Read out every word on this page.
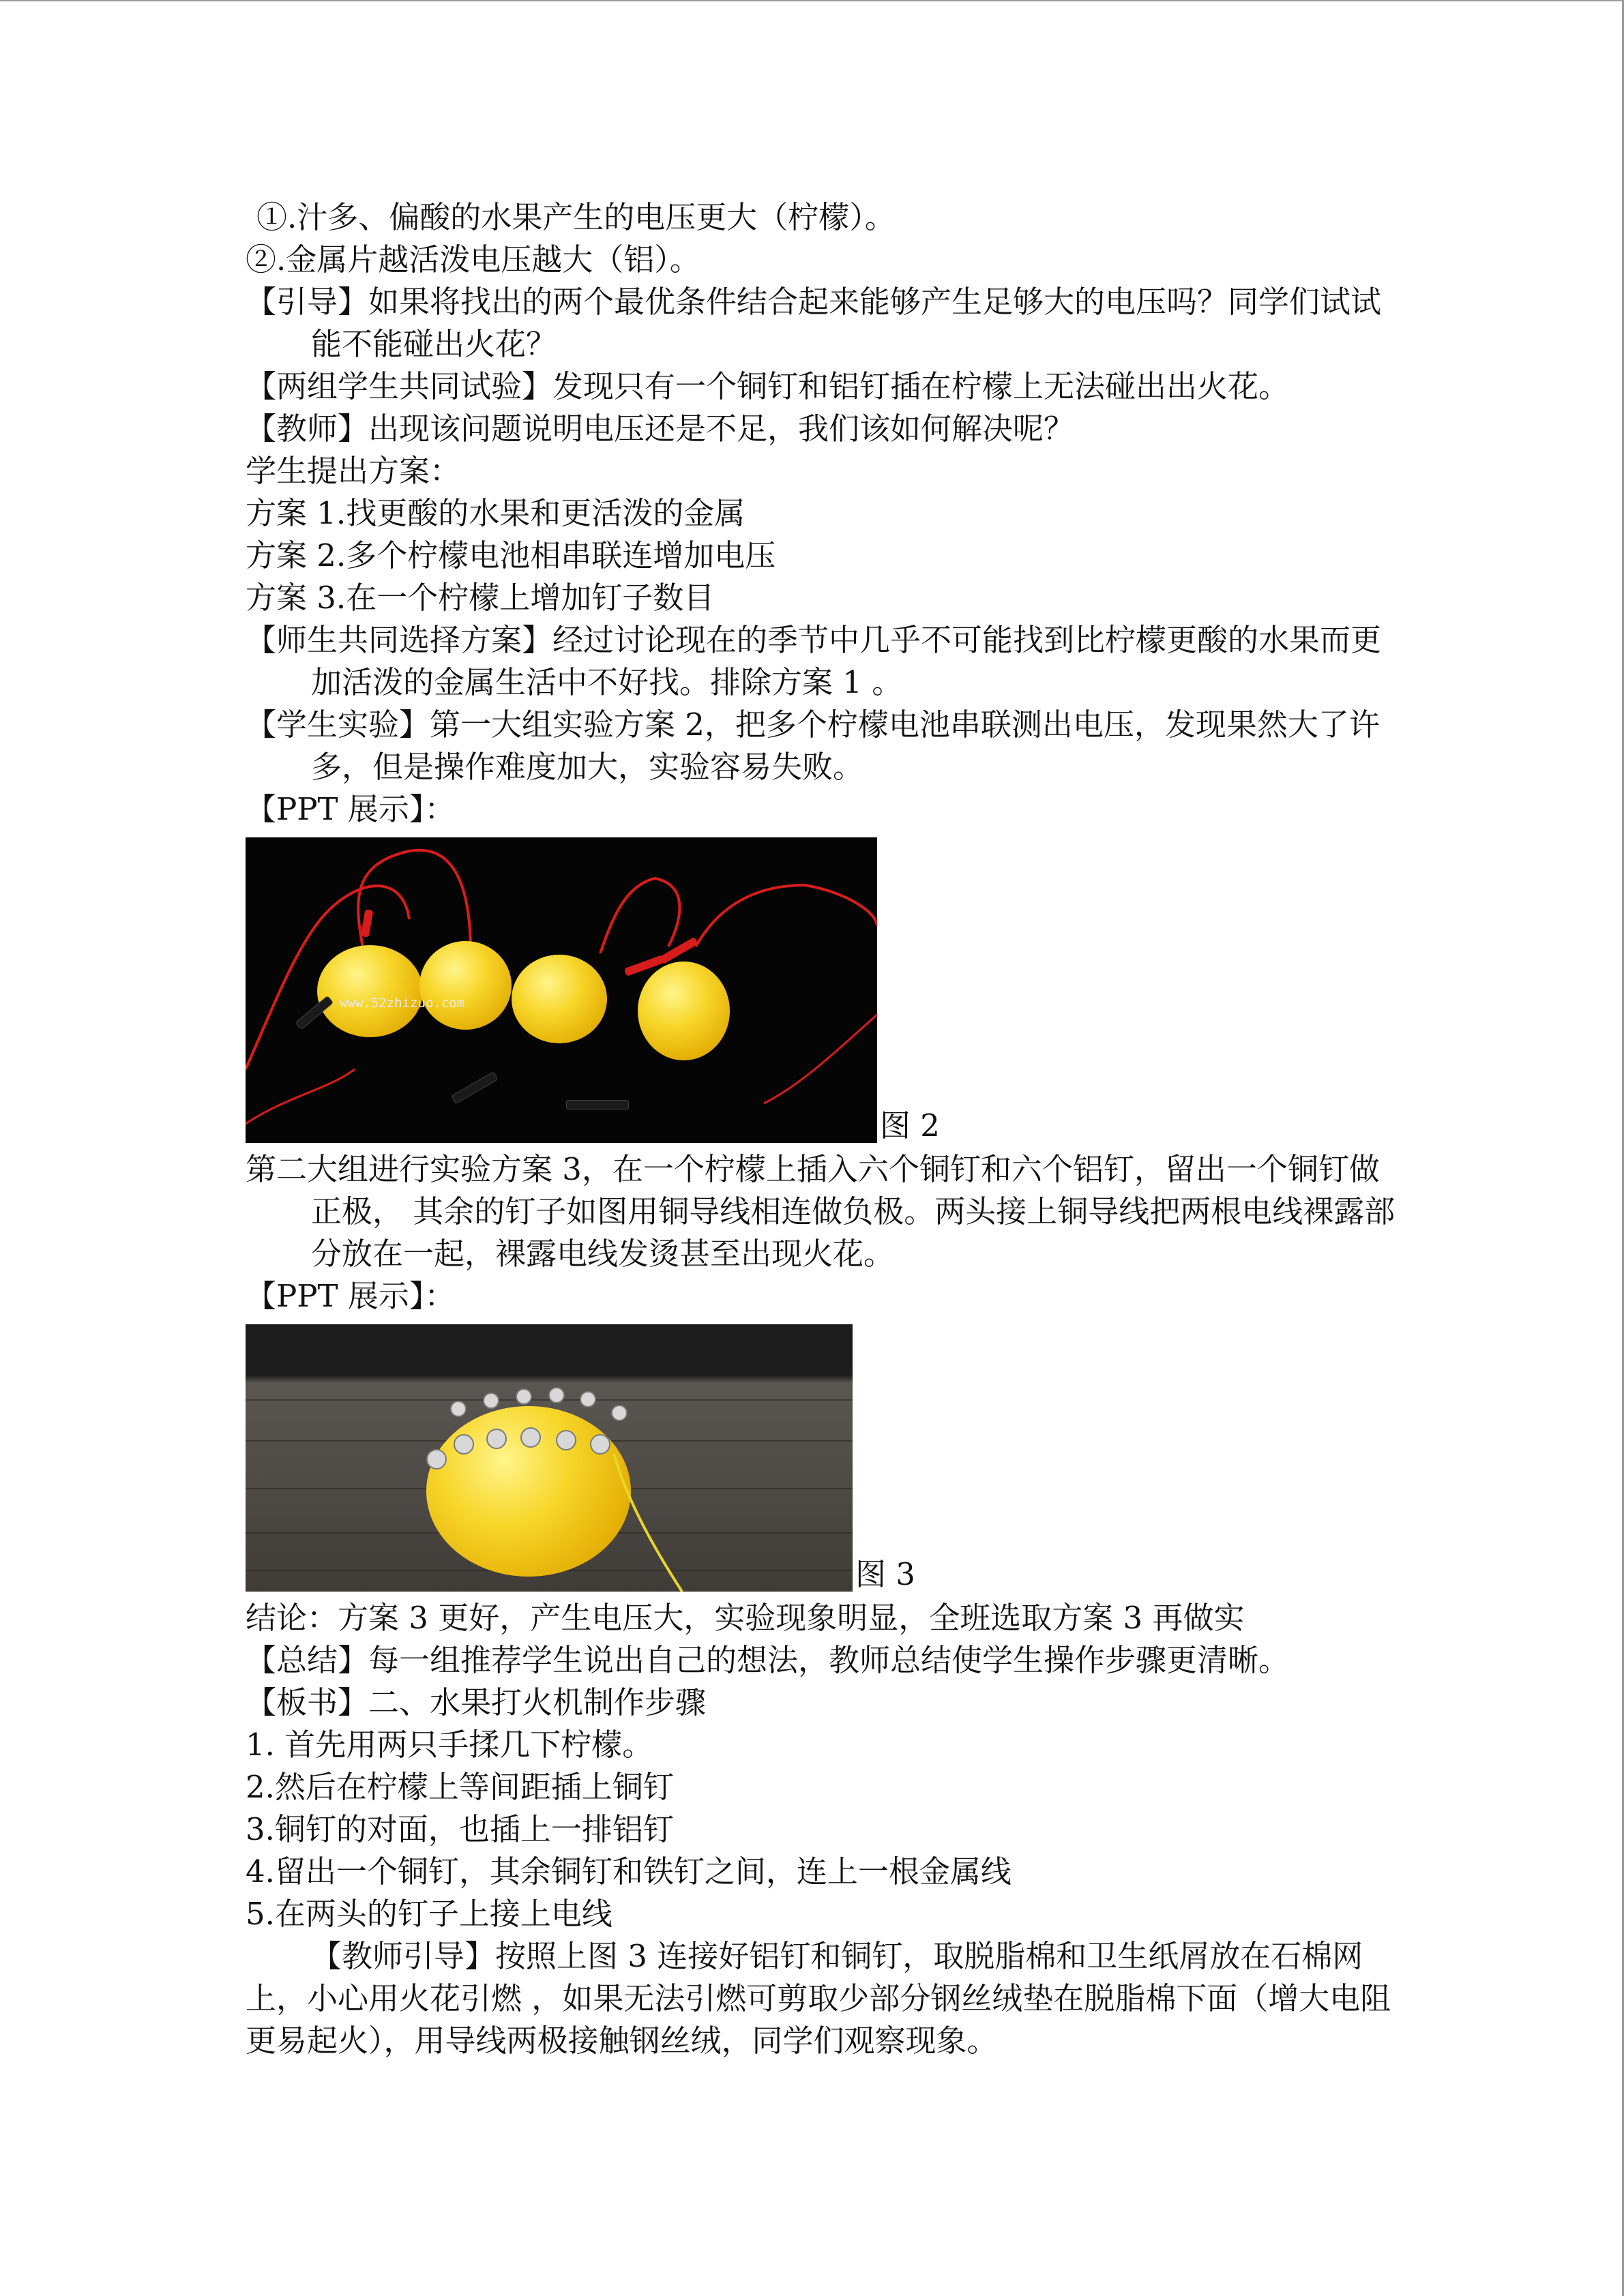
①.汁多、偏酸的水果产生的电压更大（柠檬）。
②.金属片越活泼电压越大（铝）。
【引导】如果将找出的两个最优条件结合起来能够产生足够大的电压吗？同学们试试能不能碰出火花？
【两组学生共同试验】发现只有一个铜钉和铝钉插在柠檬上无法碰出出火花。
【教师】出现该问题说明电压还是不足，我们该如何解决呢？
学生提出方案：
方案 1.找更酸的水果和更活泼的金属
方案 2.多个柠檬电池相串联连增加电压
方案 3.在一个柠檬上增加钉子数目
【师生共同选择方案】经过讨论现在的季节中几乎不可能找到比柠檬更酸的水果而更加活泼的金属生活中不好找。排除方案 1 。
【学生实验】第一大组实验方案 2，把多个柠檬电池串联测出电压，发现果然大了许多，但是操作难度加大，实验容易失败。
【PPT 展示】：
www.52zhizuo.com
图 2
第二大组进行实验方案 3，在一个柠檬上插入六个铜钉和六个铝钉，留出一个铜钉做正极， 其余的钉子如图用铜导线相连做负极。两头接上铜导线把两根电线裸露部分放在一起，裸露电线发烫甚至出现火花。
【PPT 展示】：
图 3
结论：方案 3 更好，产生电压大，实验现象明显，全班选取方案 3 再做实
【总结】每一组推荐学生说出自己的想法，教师总结使学生操作步骤更清晰。
【板书】二、水果打火机制作步骤
1. 首先用两只手揉几下柠檬。
2.然后在柠檬上等间距插上铜钉
3.铜钉的对面，也插上一排铝钉
4.留出一个铜钉，其余铜钉和铁钉之间，连上一根金属线
5.在两头的钉子上接上电线
【教师引导】按照上图 3 连接好铝钉和铜钉，取脱脂棉和卫生纸屑放在石棉网上，小心用火花引燃 ，如果无法引燃可剪取少部分钢丝绒垫在脱脂棉下面（增大电阻更易起火），用导线两极接触钢丝绒，同学们观察现象。
